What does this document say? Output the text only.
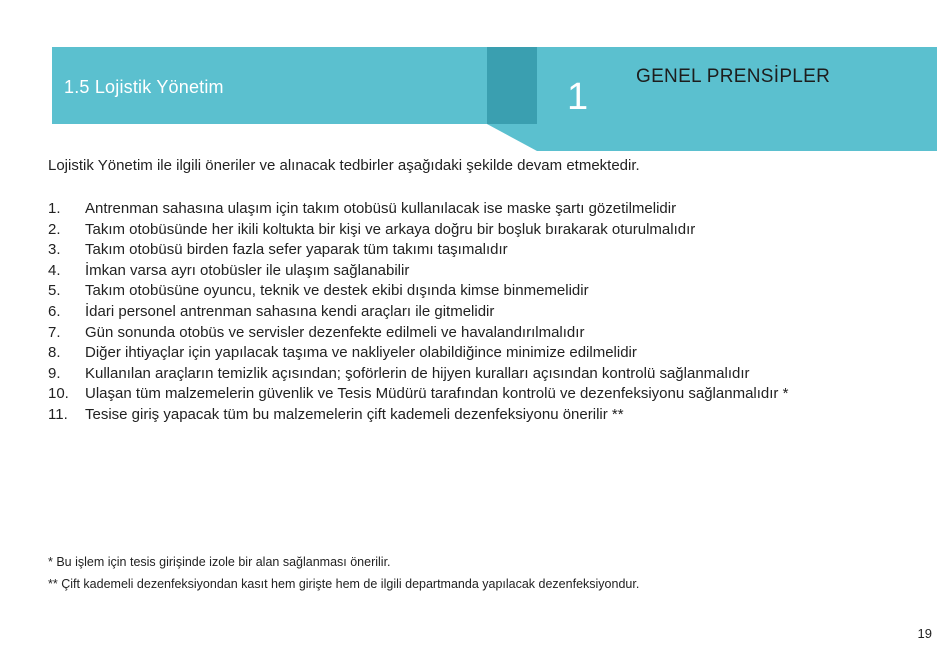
1.5 Lojistik Yönetim	1	GENEL PRENSİPLER
Lojistik Yönetim ile ilgili öneriler ve alınacak tedbirler aşağıdaki şekilde devam etmektedir.
1. Antrenman sahasına ulaşım için takım otobüsü kullanılacak ise maske şartı gözetilmelidir
2. Takım otobüsünde her ikili koltukta bir kişi ve arkaya doğru bir boşluk bırakarak oturulmalıdır
3. Takım otobüsü birden fazla sefer yaparak tüm takımı taşımalıdır
4. İmkan varsa ayrı otobüsler ile ulaşım sağlanabilir
5. Takım otobüsüne oyuncu, teknik ve destek ekibi dışında kimse binmemelidir
6. İdari personel antrenman sahasına kendi araçları ile gitmelidir
7. Gün sonunda otobüs ve servisler dezenfekte edilmeli ve havalandırılmalıdır
8. Diğer ihtiyaçlar için yapılacak taşıma ve nakliyeler olabildiğince minimize edilmelidir
9. Kullanılan araçların temizlik açısından; şoförlerin de hijyen kuralları açısından kontrolü sağlanmalıdır
10. Ulaşan tüm malzemelerin güvenlik ve Tesis Müdürü tarafından kontrolü ve dezenfeksiyonu sağlanmalıdır *
11. Tesise giriş yapacak tüm bu malzemelerin çift kademeli dezenfeksiyonu önerilir **
* Bu işlem için tesis girişinde izole bir alan sağlanması önerilir.
** Çift kademeli dezenfeksiyondan kasıt hem girişte hem de ilgili departmanda yapılacak dezenfeksiyondur.
19
